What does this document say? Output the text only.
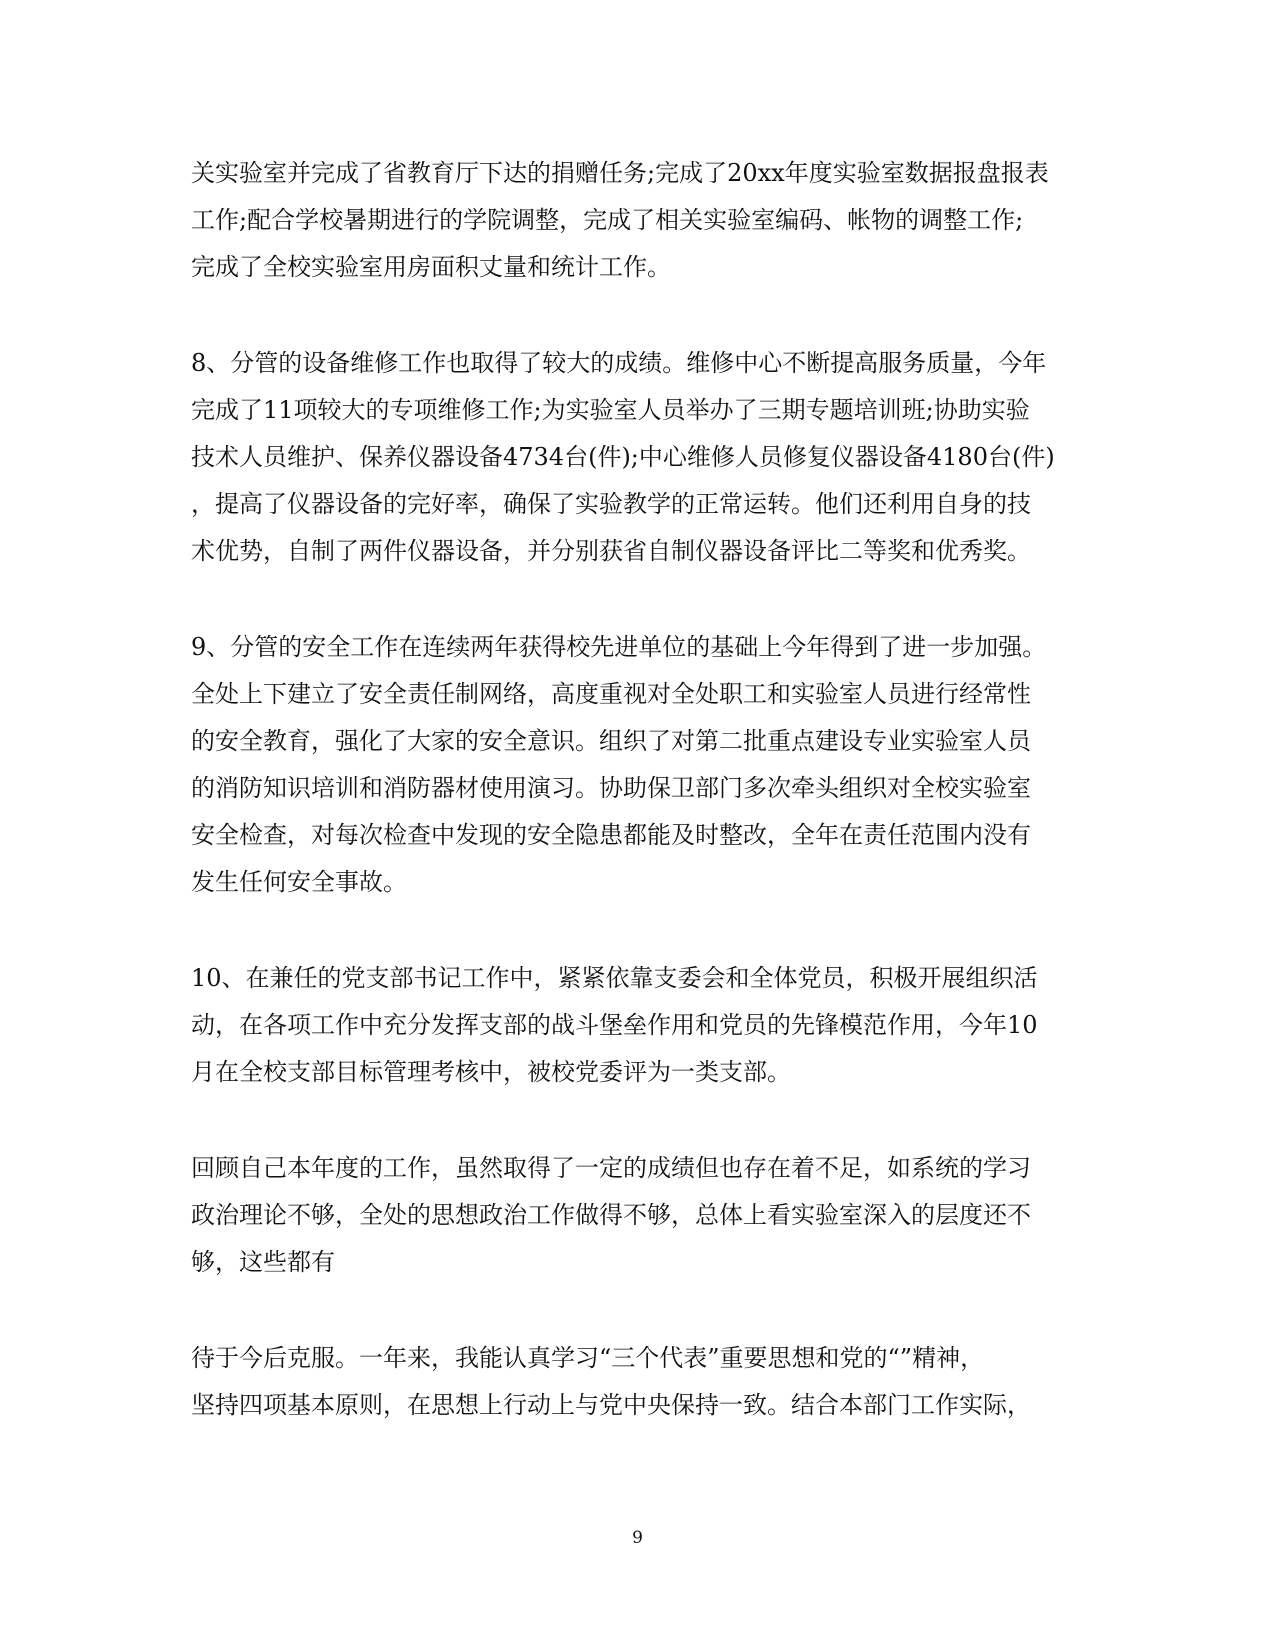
关实验室并完成了省教育厅下达的捐赠任务;完成了20xx年度实验室数据报盘报表
工作;配合学校暑期进行的学院调整，完成了相关实验室编码、帐物的调整工作;
完成了全校实验室用房面积丈量和统计工作。
8、分管的设备维修工作也取得了较大的成绩。维修中心不断提高服务质量，今年
完成了11项较大的专项维修工作;为实验室人员举办了三期专题培训班;协助实验
技术人员维护、保养仪器设备4734台(件);中心维修人员修复仪器设备4180台(件)
，提高了仪器设备的完好率，确保了实验教学的正常运转。他们还利用自身的技
术优势，自制了两件仪器设备，并分别获省自制仪器设备评比二等奖和优秀奖。
9、分管的安全工作在连续两年获得校先进单位的基础上今年得到了进一步加强。
全处上下建立了安全责任制网络，高度重视对全处职工和实验室人员进行经常性
的安全教育，强化了大家的安全意识。组织了对第二批重点建设专业实验室人员
的消防知识培训和消防器材使用演习。协助保卫部门多次牵头组织对全校实验室
安全检查，对每次检查中发现的安全隐患都能及时整改，全年在责任范围内没有
发生任何安全事故。
10、在兼任的党支部书记工作中，紧紧依靠支委会和全体党员，积极开展组织活
动，在各项工作中充分发挥支部的战斗堡垒作用和党员的先锋模范作用，今年10
月在全校支部目标管理考核中，被校党委评为一类支部。
回顾自己本年度的工作，虽然取得了一定的成绩但也存在着不足，如系统的学习
政治理论不够，全处的思想政治工作做得不够，总体上看实验室深入的层度还不
够，这些都有
待于今后克服。一年来，我能认真学习“三个代表”重要思想和党的“”精神，
坚持四项基本原则，在思想上行动上与党中央保持一致。结合本部门工作实际，
9
